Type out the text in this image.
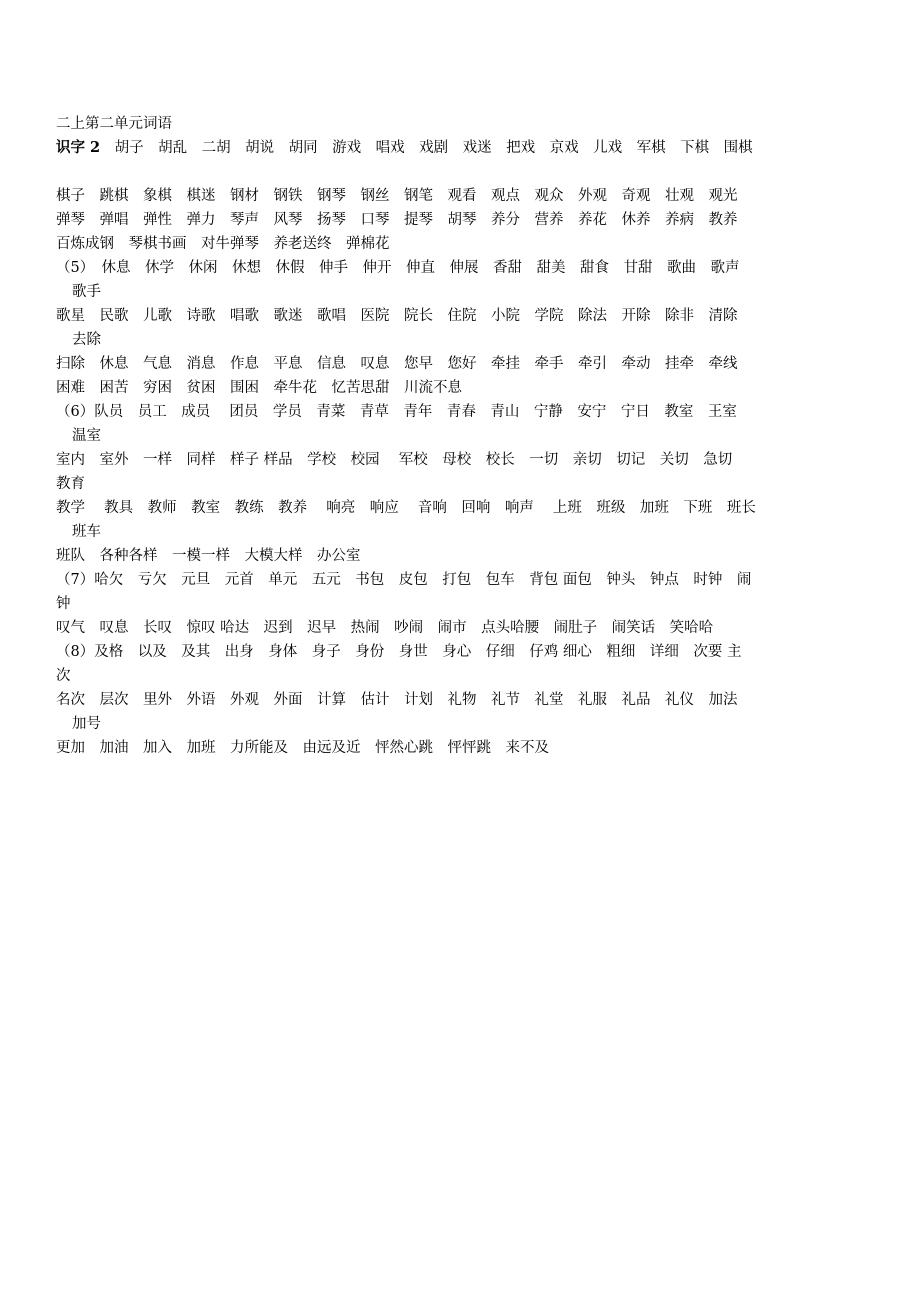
二上第二单元词语
识字 2　胡子　胡乱　二胡　胡说　胡同　游戏　唱戏　戏剧　戏迷　把戏　京戏　儿戏　军棋　下棋　围棋
棋子　跳棋　象棋　棋迷　钢材　钢铁　钢琴　钢丝　钢笔　观看　观点　观众　外观　奇观　壮观　观光
弹琴　弹唱　弹性　弹力　琴声　风琴　扬琴　口琴　提琴　胡琴　养分　营养　养花　休养　养病　教养
百炼成钢　琴棋书画　对牛弹琴　养老送终　弹棉花
（5）　休息　休学　休闲　休想　休假　伸手　伸开　伸直　伸展　香甜　甜美　甜食　甘甜　歌曲　歌声
歌手
歌星　民歌　儿歌　诗歌　唱歌　歌迷　歌唱　医院　院长　住院　小院　学院　除法　开除　除非　清除
去除
扫除　休息　气息　消息　作息　平息　信息　叹息　您早　您好　牵挂　牵手　牵引　牵动　挂牵　牵线
困难　困苦　穷困　贫困　围困　牵牛花　忆苦思甜　川流不息
（6）队员　员工　成员　 团员　学员　青菜　青草　青年　青春　青山　宁静　安宁　宁日　教室　王室
温室
室内　室外　一样　同样　样子 样品　学校　校园　 军校　母校　校长　一切　亲切　切记　关切　急切
教育
教学　 教具　教师　教室　教练　教养　 响亮　响应　 音响　回响　响声　 上班　班级　加班　下班　班长
班车
班队　各种各样　一模一样　大模大样　办公室
（7）哈欠　亏欠　元旦　元首　单元　五元　书包　皮包　打包　包车　背包 面包　钟头　钟点　时钟　闹
钟
叹气　叹息　长叹　惊叹 哈达　迟到　迟早　热闹　吵闹　闹市　点头哈腰　闹肚子　闹笑话　笑哈哈
（8）及格　以及　及其　出身　身体　身子　身份　身世　身心　仔细　仔鸡 细心　粗细　详细　次要 主
次
名次　层次　里外　外语　外观　外面　计算　估计　计划　礼物　礼节　礼堂　礼服　礼品　礼仪　加法
加号
更加　加油　加入　加班　力所能及　由远及近　怦然心跳　怦怦跳　来不及
